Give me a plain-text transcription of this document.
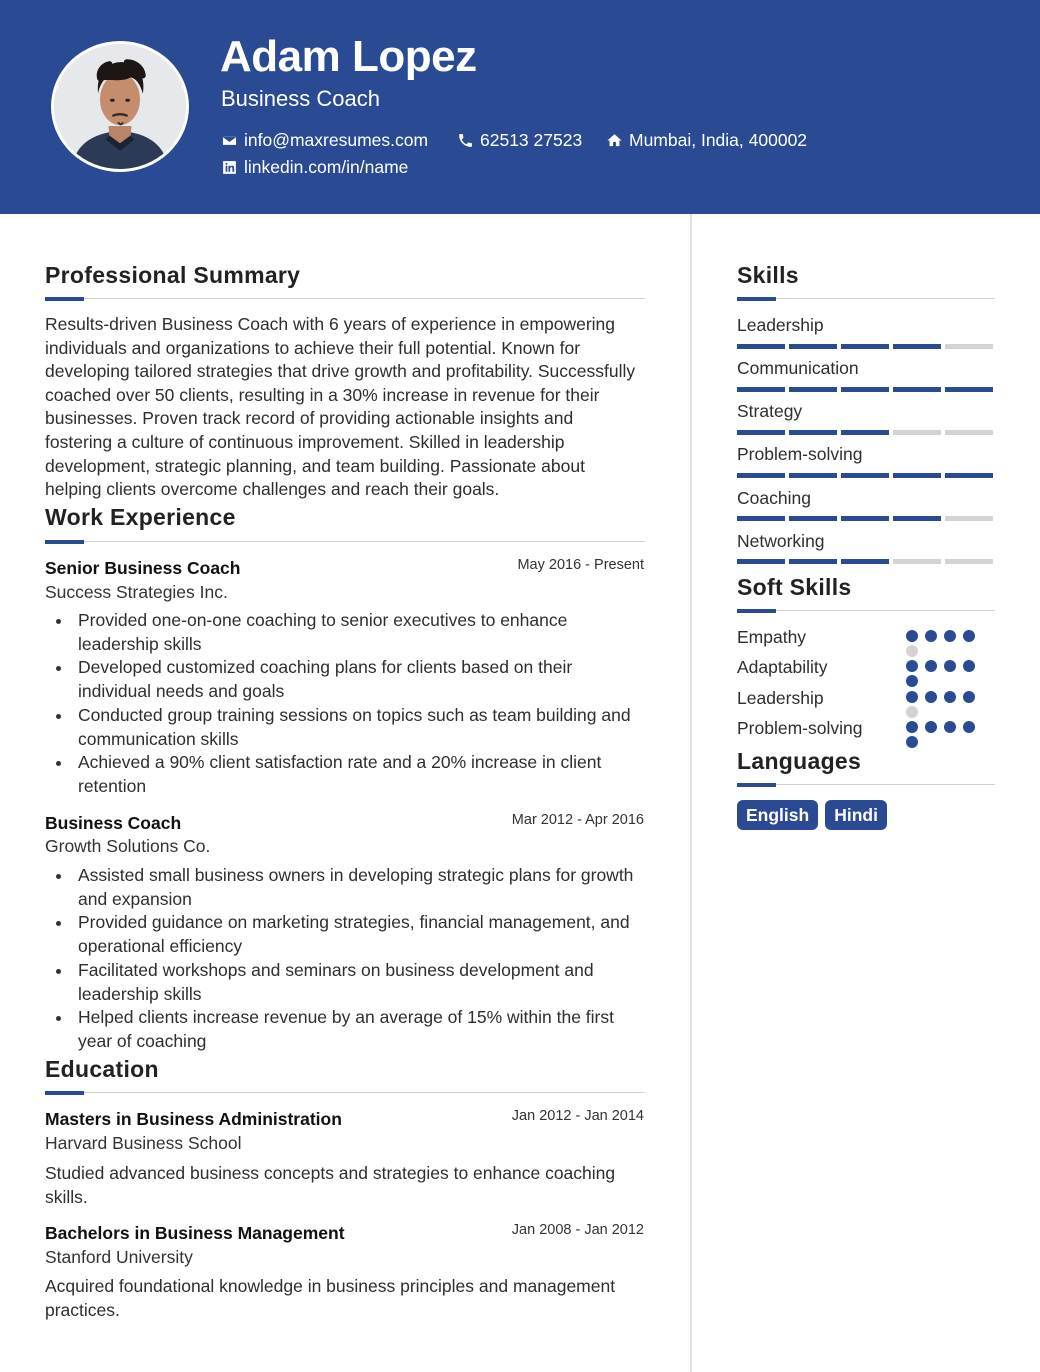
Adam Lopez
Business Coach
info@maxresumes.com	62513 27523	Mumbai, India, 400002
linkedin.com/in/name
Professional Summary
Results-driven Business Coach with 6 years of experience in empowering individuals and organizations to achieve their full potential. Known for developing tailored strategies that drive growth and profitability. Successfully coached over 50 clients, resulting in a 30% increase in revenue for their businesses. Proven track record of providing actionable insights and fostering a culture of continuous improvement. Skilled in leadership development, strategic planning, and team building. Passionate about helping clients overcome challenges and reach their goals.
Work Experience
Senior Business Coach	May 2016 - Present
Success Strategies Inc.
Provided one-on-one coaching to senior executives to enhance leadership skills
Developed customized coaching plans for clients based on their individual needs and goals
Conducted group training sessions on topics such as team building and communication skills
Achieved a 90% client satisfaction rate and a 20% increase in client retention
Business Coach	Mar 2012 - Apr 2016
Growth Solutions Co.
Assisted small business owners in developing strategic plans for growth and expansion
Provided guidance on marketing strategies, financial management, and operational efficiency
Facilitated workshops and seminars on business development and leadership skills
Helped clients increase revenue by an average of 15% within the first year of coaching
Education
Masters in Business Administration	Jan 2012 - Jan 2014
Harvard Business School
Studied advanced business concepts and strategies to enhance coaching skills.
Bachelors in Business Management	Jan 2008 - Jan 2012
Stanford University
Acquired foundational knowledge in business principles and management practices.
Skills
Leadership
Communication
Strategy
Problem-solving
Coaching
Networking
Soft Skills
Empathy
Adaptability
Leadership
Problem-solving
Languages
English	Hindi
